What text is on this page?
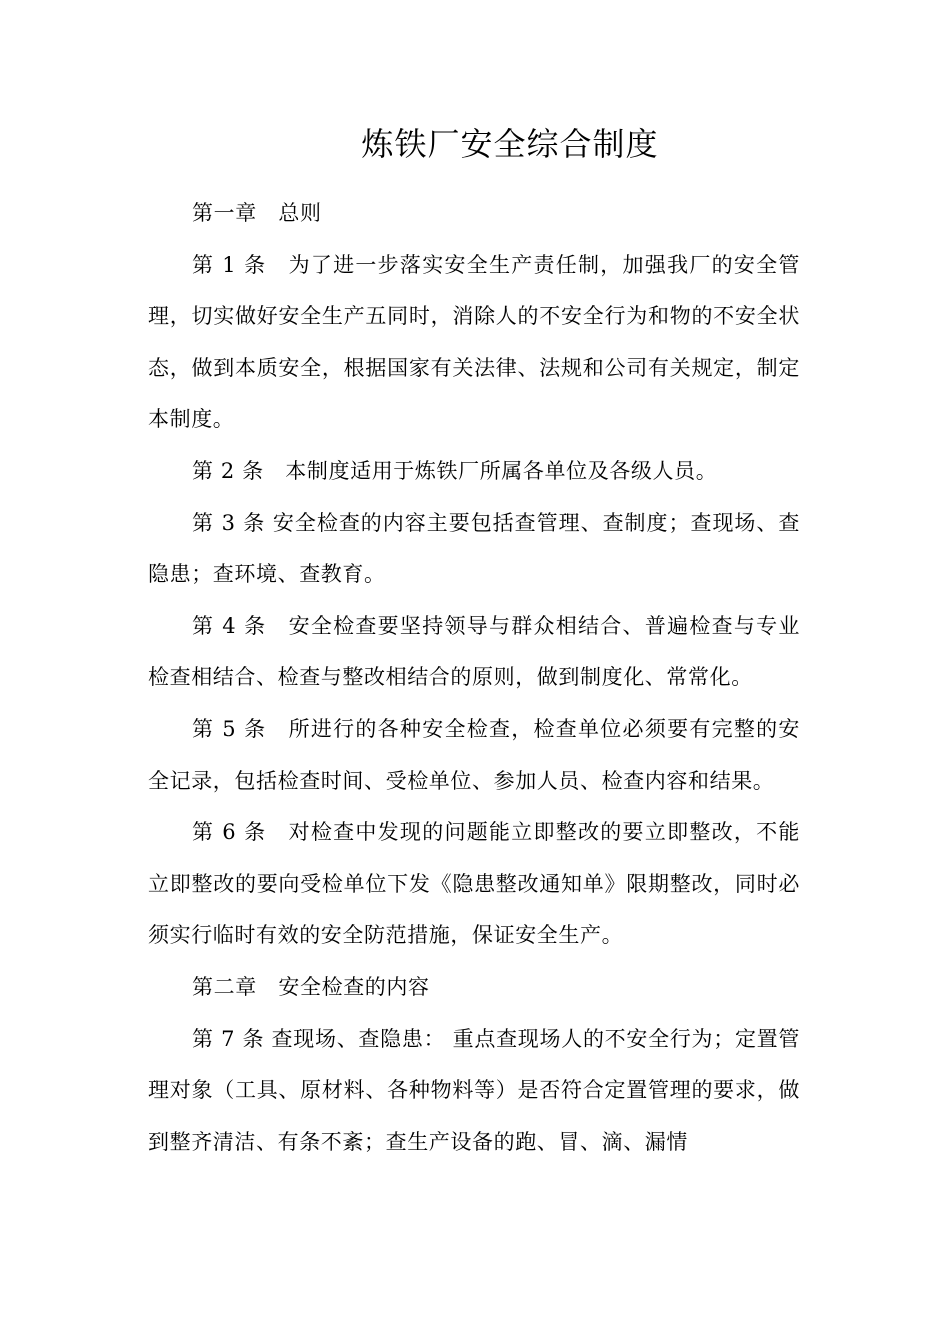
炼铁厂安全综合制度

第一章　总则

第 1 条　为了进一步落实安全生产责任制，加强我厂的安全管理，切实做好安全生产五同时，消除人的不安全行为和物的不安全状态，做到本质安全，根据国家有关法律、法规和公司有关规定，制定本制度。

第 2 条　本制度适用于炼铁厂所属各单位及各级人员。

第 3 条 安全检查的内容主要包括查管理、查制度；查现场、查隐患；查环境、查教育。

第 4 条　安全检查要坚持领导与群众相结合、普遍检查与专业检查相结合、检查与整改相结合的原则，做到制度化、常常化。

第 5 条　所进行的各种安全检查，检查单位必须要有完整的安全记录，包括检查时间、受检单位、参加人员、检查内容和结果。

第 6 条　对检查中发现的问题能立即整改的要立即整改，不能立即整改的要向受检单位下发《隐患整改通知单》限期整改，同时必须实行临时有效的安全防范措施，保证安全生产。

第二章　安全检查的内容

第 7 条 查现场、查隐患： 重点查现场人的不安全行为；定置管理对象（工具、原材料、各种物料等）是否符合定置管理的要求，做到整齐清洁、有条不紊；查生产设备的跑、冒、滴、漏情
